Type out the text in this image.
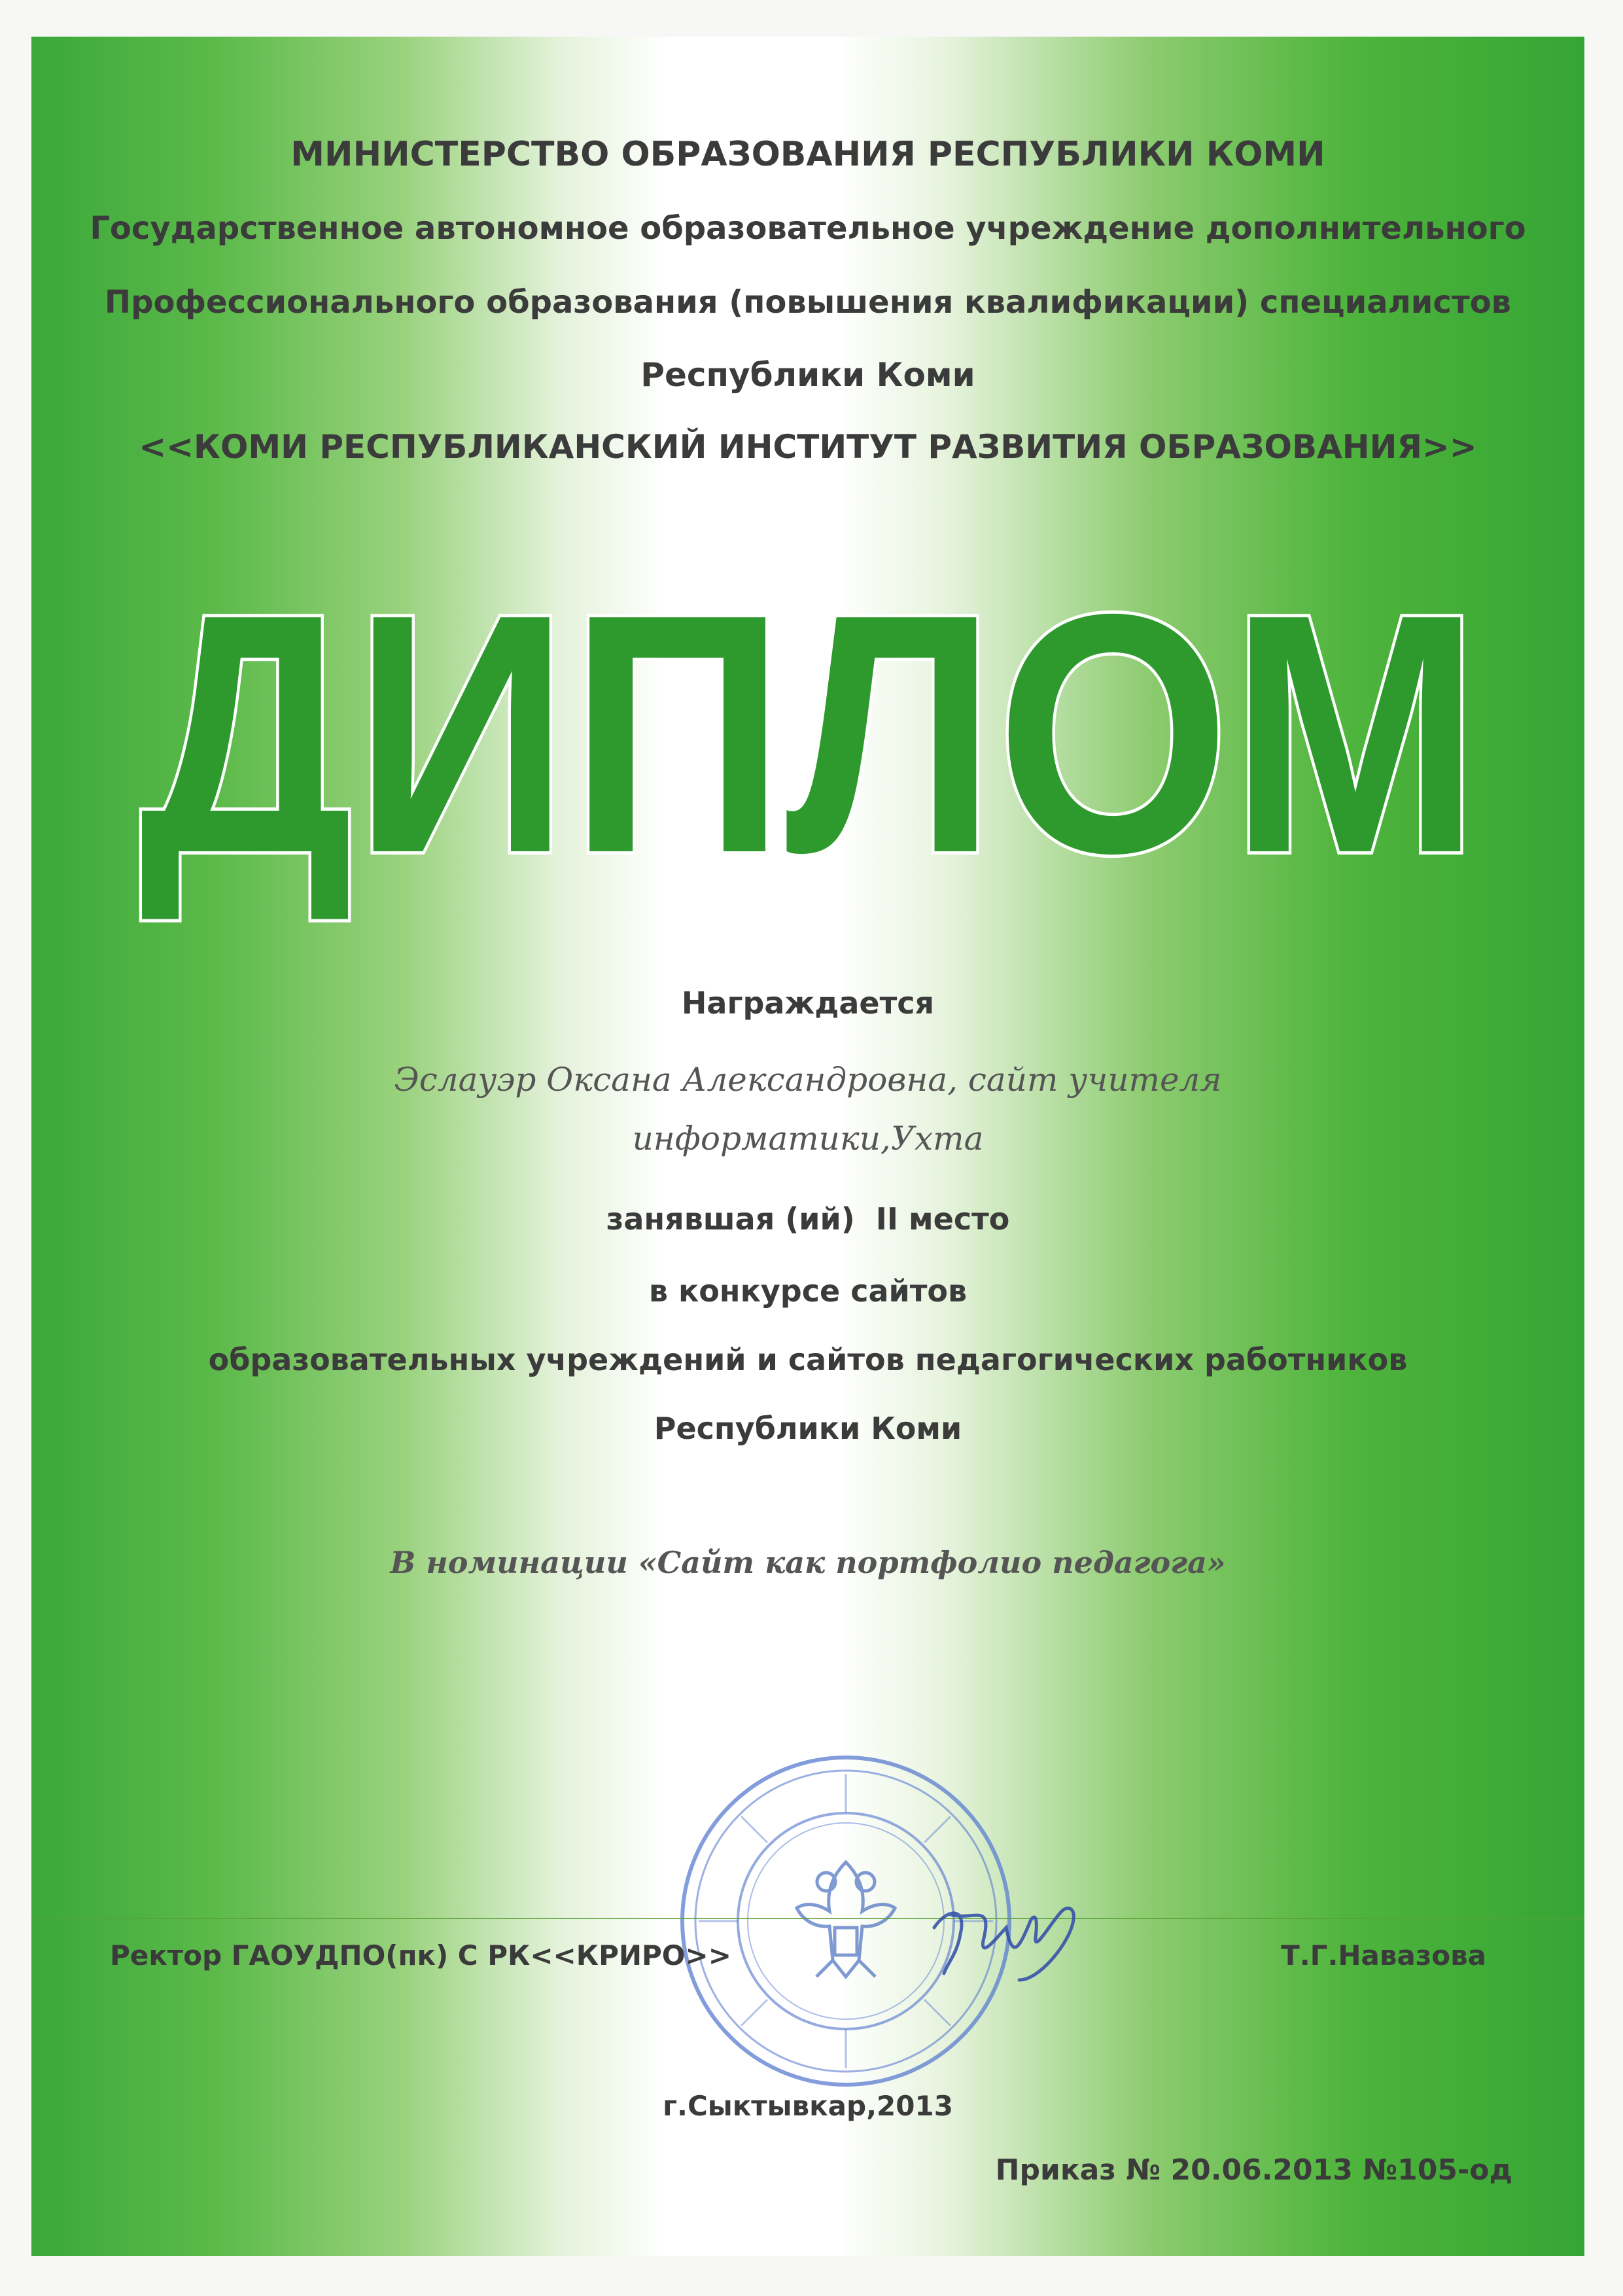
МИНИСТЕРСТВО ОБРАЗОВАНИЯ РЕСПУБЛИКИ КОМИ

Государственное автономное образовательное учреждение дополнительного

Профессионального образования (повышения квалификации) специалистов

Республики Коми

<<КОМИ РЕСПУБЛИКАНСКИЙ ИНСТИТУТ РАЗВИТИЯ ОБРАЗОВАНИЯ>>

ДИПЛОМ

Награждается

Эслауэр Оксана Александровна, сайт учителя

информатики,Ухта

занявшая (ий)  II место

в конкурсе сайтов

образовательных учреждений и сайтов педагогических работников

Республики Коми

В номинации «Сайт как портфолио педагога»

Ректор ГАОУДПО(пк) С РК<<КРИРО>>	Т.Г.Навазова
г.Сыктывкар,2013
Приказ № 20.06.2013 №105-од
